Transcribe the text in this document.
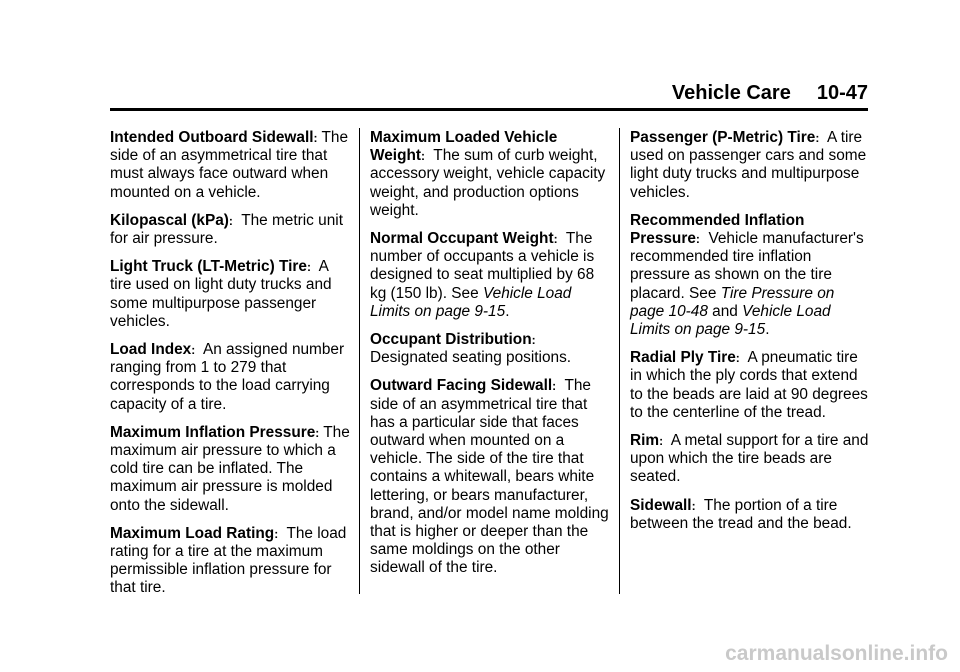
Vehicle Care 10-47

Intended Outboard Sidewall: The side of an asymmetrical tire that must always face outward when mounted on a vehicle.

Kilopascal (kPa): The metric unit for air pressure.

Light Truck (LT-Metric) Tire: A tire used on light duty trucks and some multipurpose passenger vehicles.

Load Index: An assigned number ranging from 1 to 279 that corresponds to the load carrying capacity of a tire.

Maximum Inflation Pressure: The maximum air pressure to which a cold tire can be inflated. The maximum air pressure is molded onto the sidewall.

Maximum Load Rating: The load rating for a tire at the maximum permissible inflation pressure for that tire.

Maximum Loaded Vehicle Weight: The sum of curb weight, accessory weight, vehicle capacity weight, and production options weight.

Normal Occupant Weight: The number of occupants a vehicle is designed to seat multiplied by 68 kg (150 lb). See Vehicle Load Limits on page 9-15.

Occupant Distribution: Designated seating positions.

Outward Facing Sidewall: The side of an asymmetrical tire that has a particular side that faces outward when mounted on a vehicle. The side of the tire that contains a whitewall, bears white lettering, or bears manufacturer, brand, and/or model name molding that is higher or deeper than the same moldings on the other sidewall of the tire.

Passenger (P-Metric) Tire: A tire used on passenger cars and some light duty trucks and multipurpose vehicles.

Recommended Inflation Pressure: Vehicle manufacturer's recommended tire inflation pressure as shown on the tire placard. See Tire Pressure on page 10-48 and Vehicle Load Limits on page 9-15.

Radial Ply Tire: A pneumatic tire in which the ply cords that extend to the beads are laid at 90 degrees to the centerline of the tread.

Rim: A metal support for a tire and upon which the tire beads are seated.

Sidewall: The portion of a tire between the tread and the bead.

carmanualsonline.info
